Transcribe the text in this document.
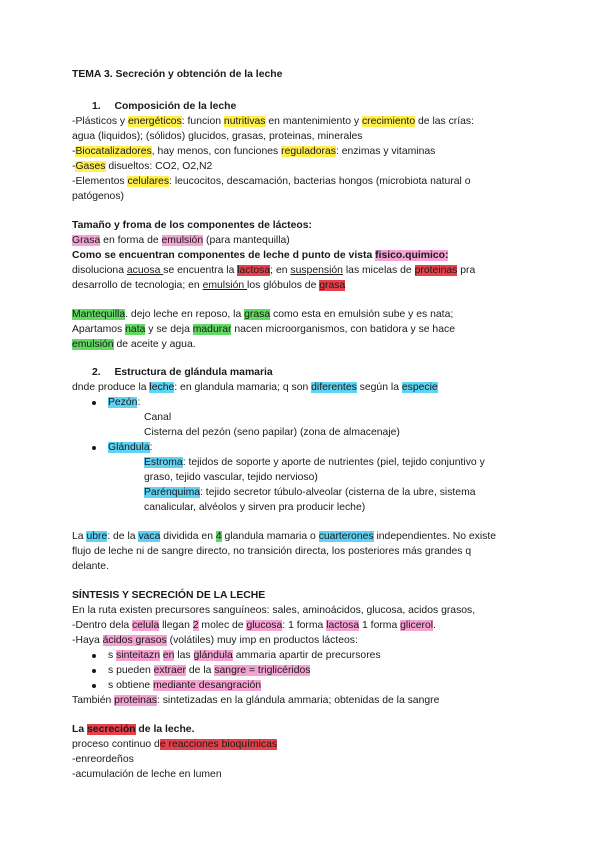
TEMA 3. Secreción y obtención de la leche
1. Composición de la leche
-Plásticos y energéticos: funcion nutritivas en mantenimiento y crecimiento de las crías:
agua (liquidos); (sólidos) glucidos, grasas, proteinas, minerales
-Biocatalizadores, hay menos, con funciones reguladoras: enzimas y vitaminas
-Gases disueltos: CO2, O2,N2
-Elementos celulares: leucocitos, descamación, bacterias hongos (microbiota natural o
patógenos)
Tamaño y froma de los componentes de lácteos:
Grasa en forma de emulsión (para mantequilla)
Como se encuentran componentes de leche d punto de vista fisico.quimico:
disoluciona acuosa se encuentra la lactosa; en suspensión las micelas de proteinas pra
desarrollo de tecnologia; en emulsión los glóbulos de grasa
Mantequilla. dejo leche en reposo, la grasa como esta en emulsión sube y es nata;
Apartamos nata y se deja madurar nacen microorganismos, con batidora y se hace
emulsión de aceite y agua.
2. Estructura de glándula mamaria
dnde produce la leche: en glandula mamaria; q son diferentes según la especie
Pezón:
Canal
Cisterna del pezón (seno papilar) (zona de almacenaje)
Glándula:
Estroma: tejidos de soporte y aporte de nutrientes (piel, tejido conjuntivo y
graso, tejido vascular, tejido nervioso)
Parénquima: tejido secretor túbulo-alveolar (cisterna de la ubre, sistema
canalicular, alvéolos y sirven pra producir leche)
La ubre: de la vaca dividida en 4 glandula mamaria o cuarterones independientes. No existe
flujo de leche ni de sangre directo, no transición directa, los posteriores más grandes q
delante.
SÍNTESIS Y SECRECIÓN DE LA LECHE
En la ruta existen precursores sanguíneos: sales, aminoácidos, glucosa, acidos grasos,
-Dentro dela celula llegan 2 molec de glucosa: 1 forma lactosa 1 forma glicerol.
-Haya ácidos grasos (volátiles) muy imp en productos lácteos:
s sinteitazn en las glándula ammaria apartir de precursores
s pueden extraer de la sangre = triglicéridos
s obtiene mediante desangración
También proteinas: sintetizadas en la glándula ammaria; obtenidas de la sangre
La secreción de la leche.
proceso continuo de reacciones bioquímicas
-enreordeños
-acumulación de leche en lumen
